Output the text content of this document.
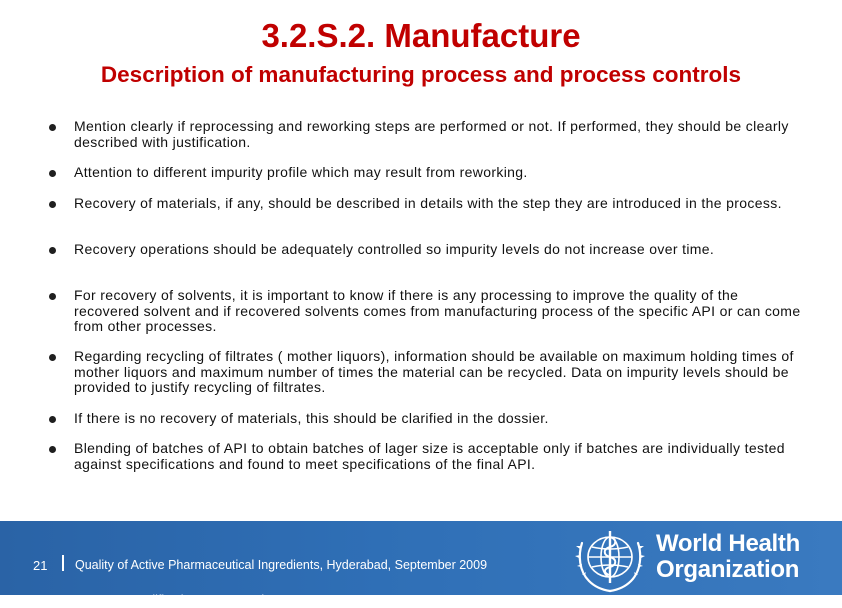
3.2.S.2. Manufacture
Description of manufacturing process and process controls
Mention clearly if reprocessing and reworking steps are performed or not. If performed, they should be clearly described with justification.
Attention to different impurity profile which may result from reworking.
Recovery of materials, if any, should be described in details with the step they are introduced in the process.
Recovery operations should be adequately controlled so impurity levels do not increase over time.
For recovery of solvents, it is important to know if there is any processing to improve the quality of the recovered solvent and if recovered solvents comes from manufacturing process of the specific API or can come from other processes.
Regarding recycling of filtrates ( mother liquors), information should be available on maximum holding times of mother liquors and maximum number of times the material can be recycled. Data on impurity levels should be provided to justify recycling of filtrates.
If there is no recovery of materials, this should be clarified in the dossier.
Blending of batches of API to obtain batches of lager size is acceptable only if batches are individually tested against specifications and found to meet specifications of the final API.
21 Quality of Active Pharmaceutical Ingredients, Hyderabad, September 2009
WHO Prequalification - API Requirements - Mars
World Health
Organization
